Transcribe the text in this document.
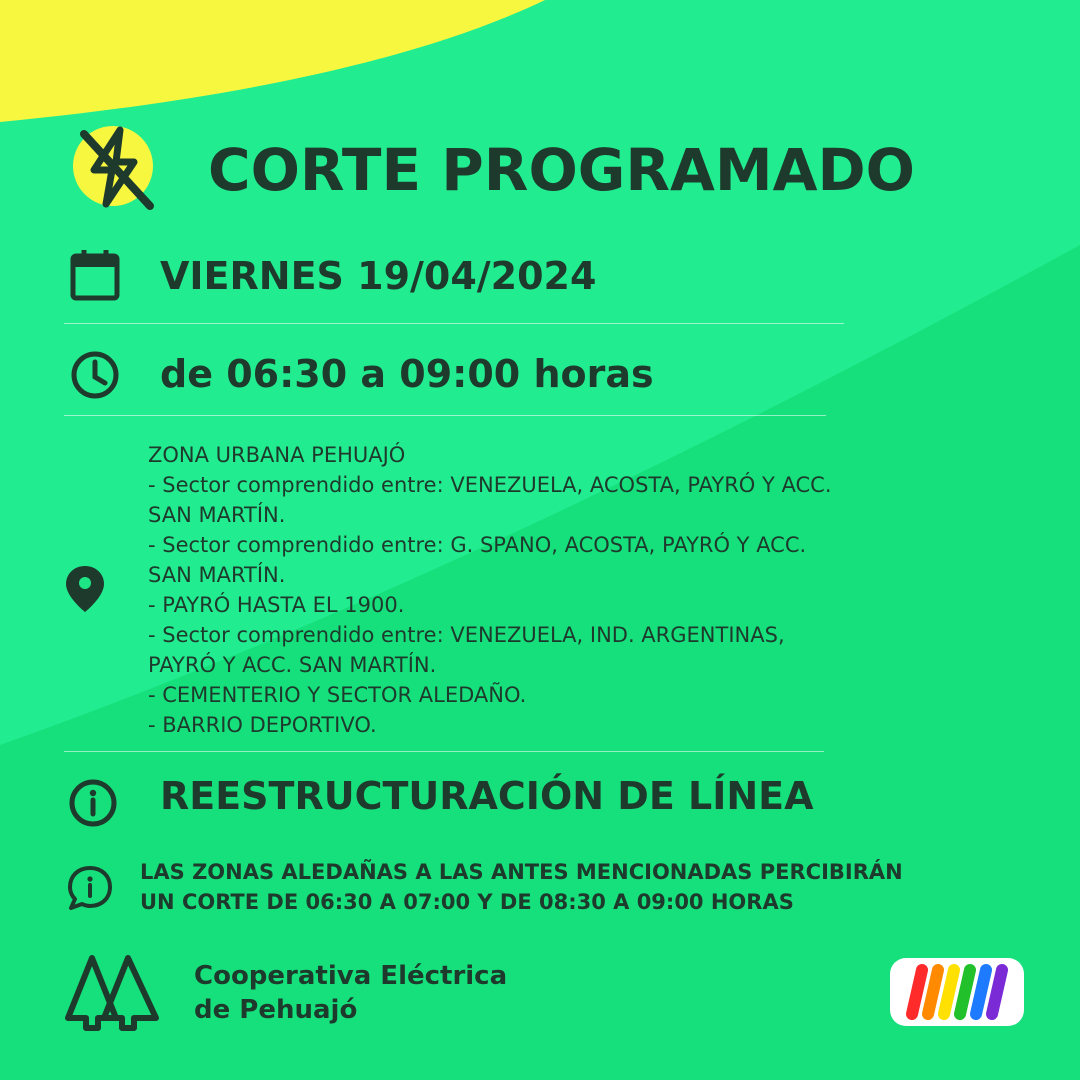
CORTE PROGRAMADO
VIERNES 19/04/2024
de 06:30 a 09:00 horas
ZONA URBANA PEHUAJÓ
- Sector comprendido entre: VENEZUELA, ACOSTA, PAYRÓ Y ACC.
SAN MARTÍN.
- Sector comprendido entre: G. SPANO, ACOSTA, PAYRÓ Y ACC.
SAN MARTÍN.
- PAYRÓ HASTA EL 1900.
- Sector comprendido entre: VENEZUELA, IND. ARGENTINAS,
PAYRÓ Y ACC. SAN MARTÍN.
- CEMENTERIO Y SECTOR ALEDAÑO.
- BARRIO DEPORTIVO.
REESTRUCTURACIÓN DE LÍNEA
LAS ZONAS ALEDAÑAS A LAS ANTES MENCIONADAS PERCIBIRÁN
UN CORTE DE 06:30 A 07:00 Y DE 08:30 A 09:00 HORAS
Cooperativa Eléctrica
de Pehuajó
